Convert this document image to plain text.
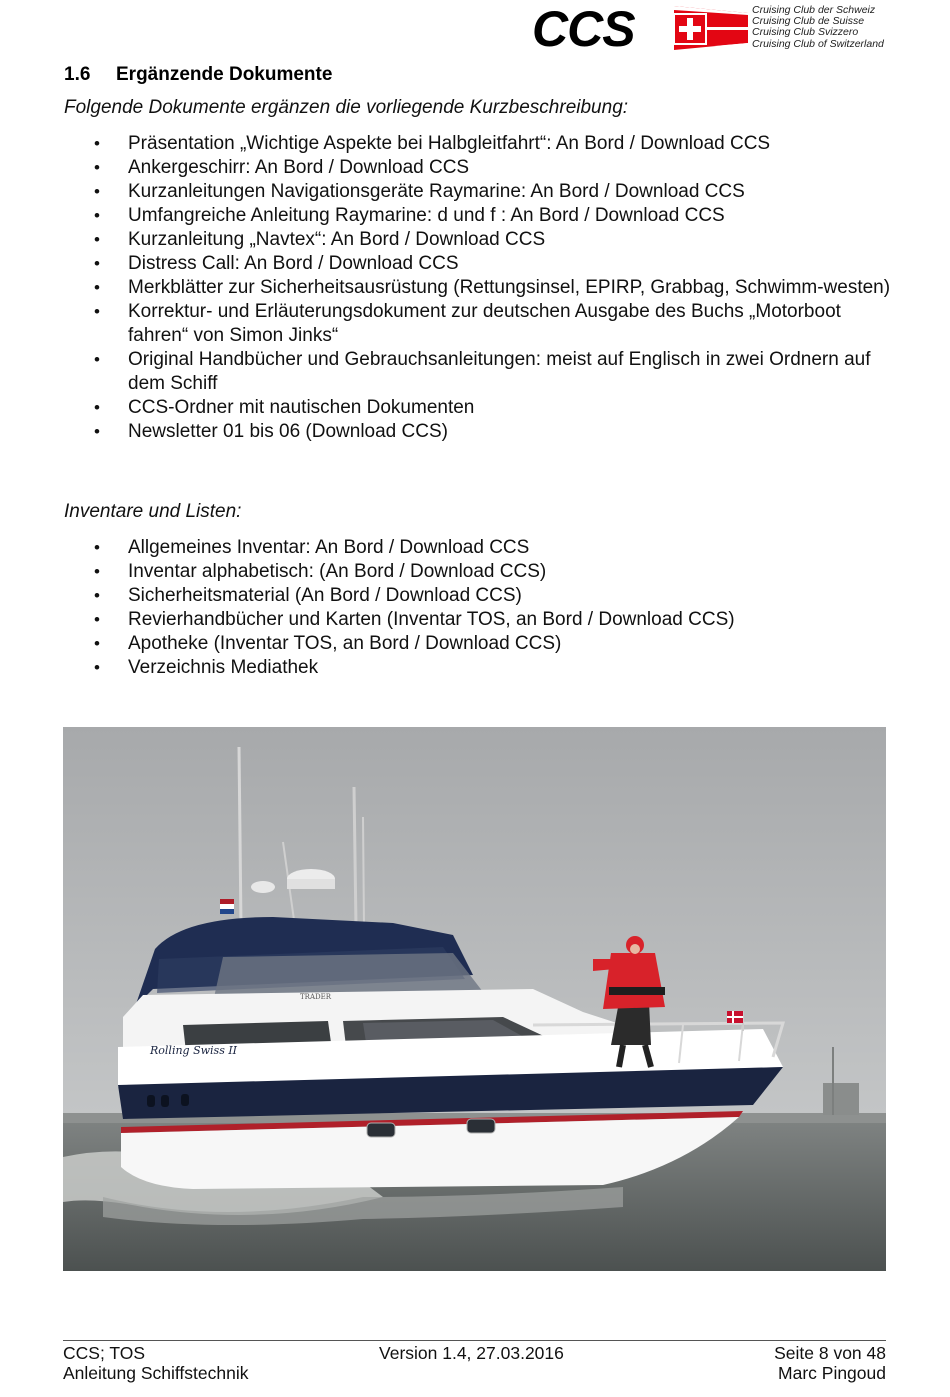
CCS	Cruising Club der Schweiz
Cruising Club de Suisse
Cruising Club Svizzero
Cruising Club of Switzerland
1.6 Ergänzende Dokumente
Folgende Dokumente ergänzen die vorliegende Kurzbeschreibung:
• Präsentation „Wichtige Aspekte bei Halbgleitfahrt“: An Bord / Download CCS
• Ankergeschirr: An Bord / Download CCS
• Kurzanleitungen Navigationsgeräte Raymarine: An Bord / Download CCS
• Umfangreiche Anleitung Raymarine: d und f : An Bord / Download CCS
• Kurzanleitung „Navtex“: An Bord / Download CCS
• Distress Call: An Bord / Download CCS
• Merkblätter zur Sicherheitsausrüstung (Rettungsinsel, EPIRP, Grabbag, Schwimm-westen)
• Korrektur- und Erläuterungsdokument zur deutschen Ausgabe des Buchs „Motorboot fahren“ von Simon Jinks“
• Original Handbücher und Gebrauchsanleitungen: meist auf Englisch in zwei Ordnern auf dem Schiff
• CCS-Ordner mit nautischen Dokumenten
• Newsletter 01 bis 06 (Download CCS)
Inventare und Listen:
• Allgemeines Inventar: An Bord / Download CCS
• Inventar alphabetisch: (An Bord / Download CCS)
• Sicherheitsmaterial (An Bord / Download CCS)
• Revierhandbücher und Karten (Inventar TOS, an Bord / Download CCS)
• Apotheke (Inventar TOS, an Bord / Download CCS)
• Verzeichnis Mediathek
Rolling Swiss II
TRADER
CCS; TOS
Anleitung Schiffstechnik
Version 1.4, 27.03.2016	Seite 8 von 48
Marc Pingoud
